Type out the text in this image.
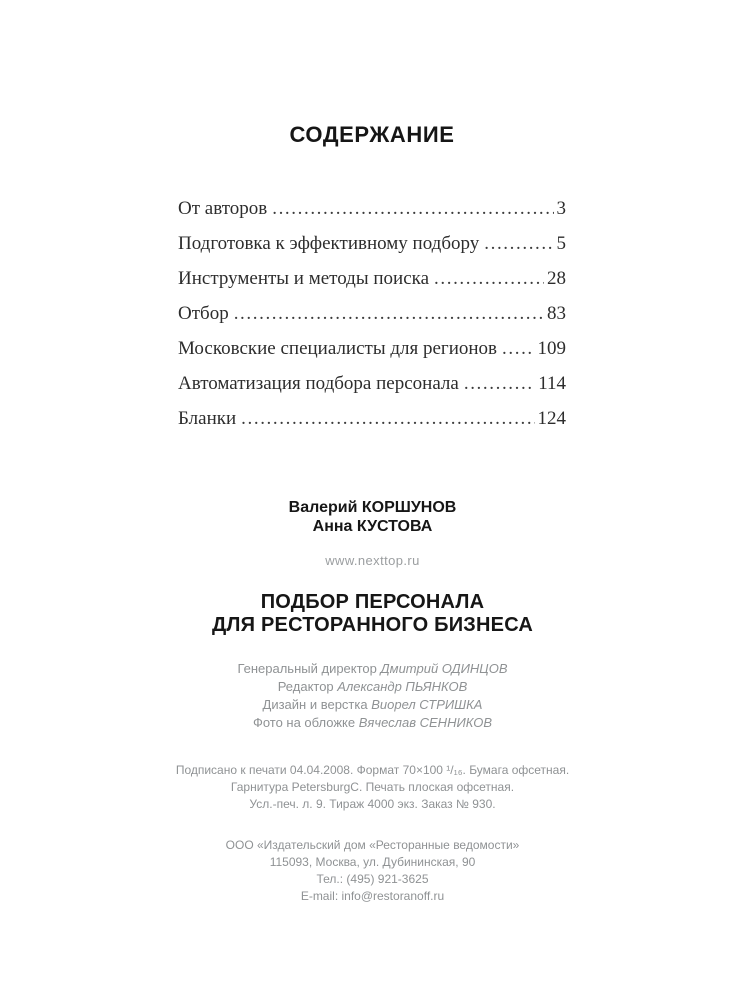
СОДЕРЖАНИЕ
От авторов .....	3
Подготовка к эффективному подбору .....	5
Инструменты и методы поиска .....	28
Отбор .....	83
Московские специалисты для регионов ..... 109
Автоматизация подбора персонала .....	114
Бланки .....	124
Валерий КОРШУНОВ
Анна КУСТОВА
www.nexttop.ru
ПОДБОР ПЕРСОНАЛА
ДЛЯ РЕСТОРАННОГО БИЗНЕСА
Генеральный директор Дмитрий ОДИНЦОВ
Редактор Александр ПЬЯНКОВ
Дизайн и верстка Виорел СТРИШКА
Фото на обложке Вячеслав СЕННИКОВ
Подписано к печати 04.04.2008. Формат 70×100 ¹/₁₆. Бумага офсетная.
Гарнитура PetersburgC. Печать плоская офсетная.
Усл.-печ. л. 9. Тираж 4000 экз. Заказ № 930.
ООО «Издательский дом «Ресторанные ведомости»
115093, Москва, ул. Дубининская, 90
Тел.: (495) 921-3625
E-mail: info@restoranoff.ru
